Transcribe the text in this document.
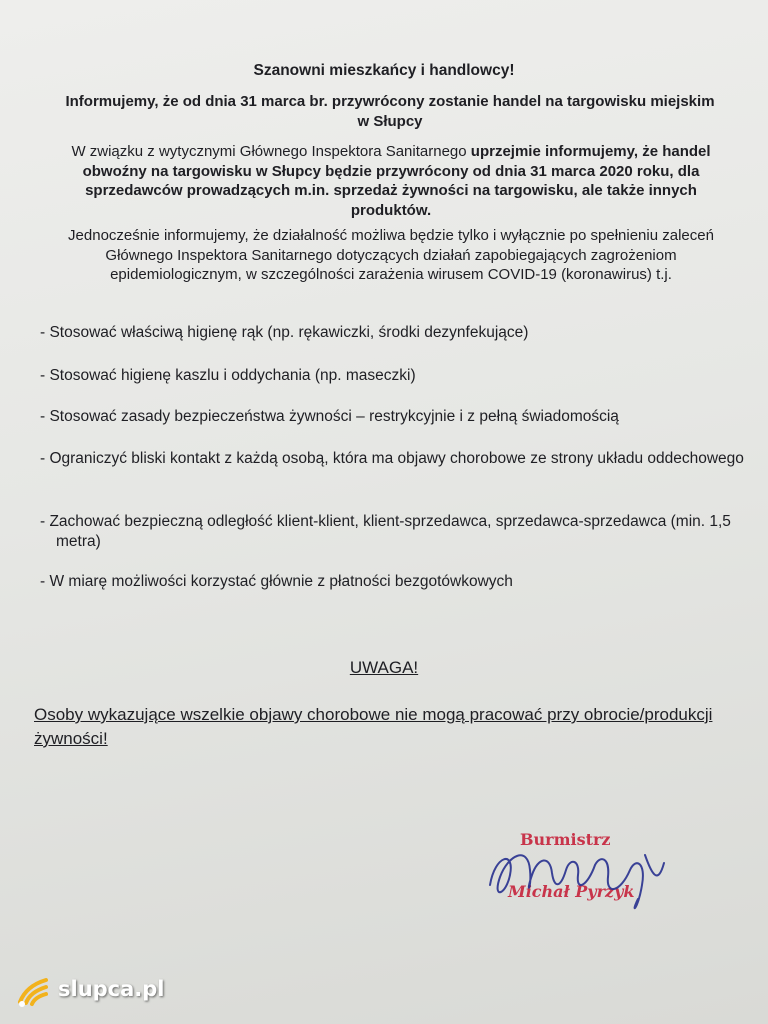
Szanowni mieszkańcy i handlowcy!

Informujemy, że od dnia 31 marca br. przywrócony zostanie handel na targowisku miejskim w Słupcy

W związku z wytycznymi Głównego Inspektora Sanitarnego uprzejmie informujemy, że handel obwoźny na targowisku w Słupcy będzie przywrócony od dnia 31 marca 2020 roku, dla sprzedawców prowadzących m.in. sprzedaż żywności na targowisku, ale także innych produktów.

Jednocześnie informujemy, że działalność możliwa będzie tylko i wyłącznie po spełnieniu zaleceń Głównego Inspektora Sanitarnego dotyczących działań zapobiegających zagrożeniom epidemiologicznym, w szczególności zarażenia wirusem COVID-19 (koronawirus) t.j.

- Stosować właściwą higienę rąk (np. rękawiczki, środki dezynfekujące)

- Stosować higienę kaszlu i oddychania (np. maseczki)

- Stosować zasady bezpieczeństwa żywności – restrykcyjnie i z pełną świadomością

- Ograniczyć bliski kontakt z każdą osobą, która ma objawy chorobowe ze strony układu oddechowego

- Zachować bezpieczną odległość klient-klient, klient-sprzedawca, sprzedawca-sprzedawca (min. 1,5 metra)

- W miarę możliwości korzystać głównie z płatności bezgotówkowych

UWAGA!

Osoby wykazujące wszelkie objawy chorobowe nie mogą pracować przy obrocie/produkcji żywności!

Burmistrz
Michał Pyrzyk
slupca.pl
